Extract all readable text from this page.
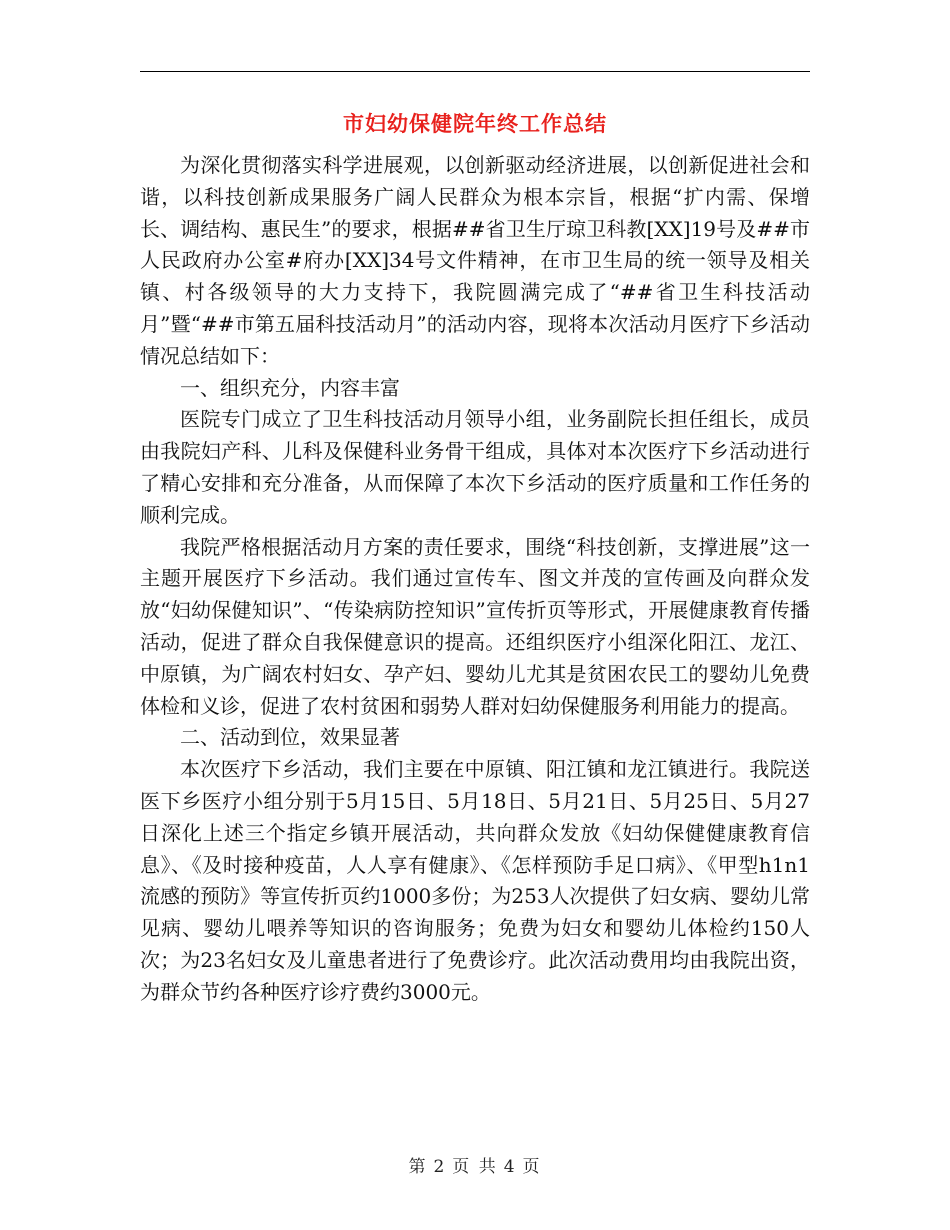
市妇幼保健院年终工作总结

为深化贯彻落实科学进展观，以创新驱动经济进展，以创新促进社会和谐，以科技创新成果服务广阔人民群众为根本宗旨，根据“扩内需、保增长、调结构、惠民生”的要求，根据##省卫生厅琼卫科教[XX]19号及##市人民政府办公室#府办[XX]34号文件精神，在市卫生局的统一领导及相关镇、村各级领导的大力支持下，我院圆满完成了“##省卫生科技活动月”暨“##市第五届科技活动月”的活动内容，现将本次活动月医疗下乡活动情况总结如下：

一、组织充分，内容丰富

医院专门成立了卫生科技活动月领导小组，业务副院长担任组长，成员由我院妇产科、儿科及保健科业务骨干组成，具体对本次医疗下乡活动进行了精心安排和充分准备，从而保障了本次下乡活动的医疗质量和工作任务的顺利完成。

我院严格根据活动月方案的责任要求，围绕“科技创新，支撑进展”这一主题开展医疗下乡活动。我们通过宣传车、图文并茂的宣传画及向群众发放“妇幼保健知识”、“传染病防控知识”宣传折页等形式，开展健康教育传播活动，促进了群众自我保健意识的提高。还组织医疗小组深化阳江、龙江、中原镇，为广阔农村妇女、孕产妇、婴幼儿尤其是贫困农民工的婴幼儿免费体检和义诊，促进了农村贫困和弱势人群对妇幼保健服务利用能力的提高。

二、活动到位，效果显著

本次医疗下乡活动，我们主要在中原镇、阳江镇和龙江镇进行。我院送医下乡医疗小组分别于5月15日、5月18日、5月21日、5月25日、5月27日深化上述三个指定乡镇开展活动，共向群众发放《妇幼保健健康教育信息》、《及时接种疫苗，人人享有健康》、《怎样预防手足口病》、《甲型h1n1流感的预防》等宣传折页约1000多份；为253人次提供了妇女病、婴幼儿常见病、婴幼儿喂养等知识的咨询服务；免费为妇女和婴幼儿体检约150人次；为23名妇女及儿童患者进行了免费诊疗。此次活动费用均由我院出资，为群众节约各种医疗诊疗费约3000元。

第 2 页 共 4 页
